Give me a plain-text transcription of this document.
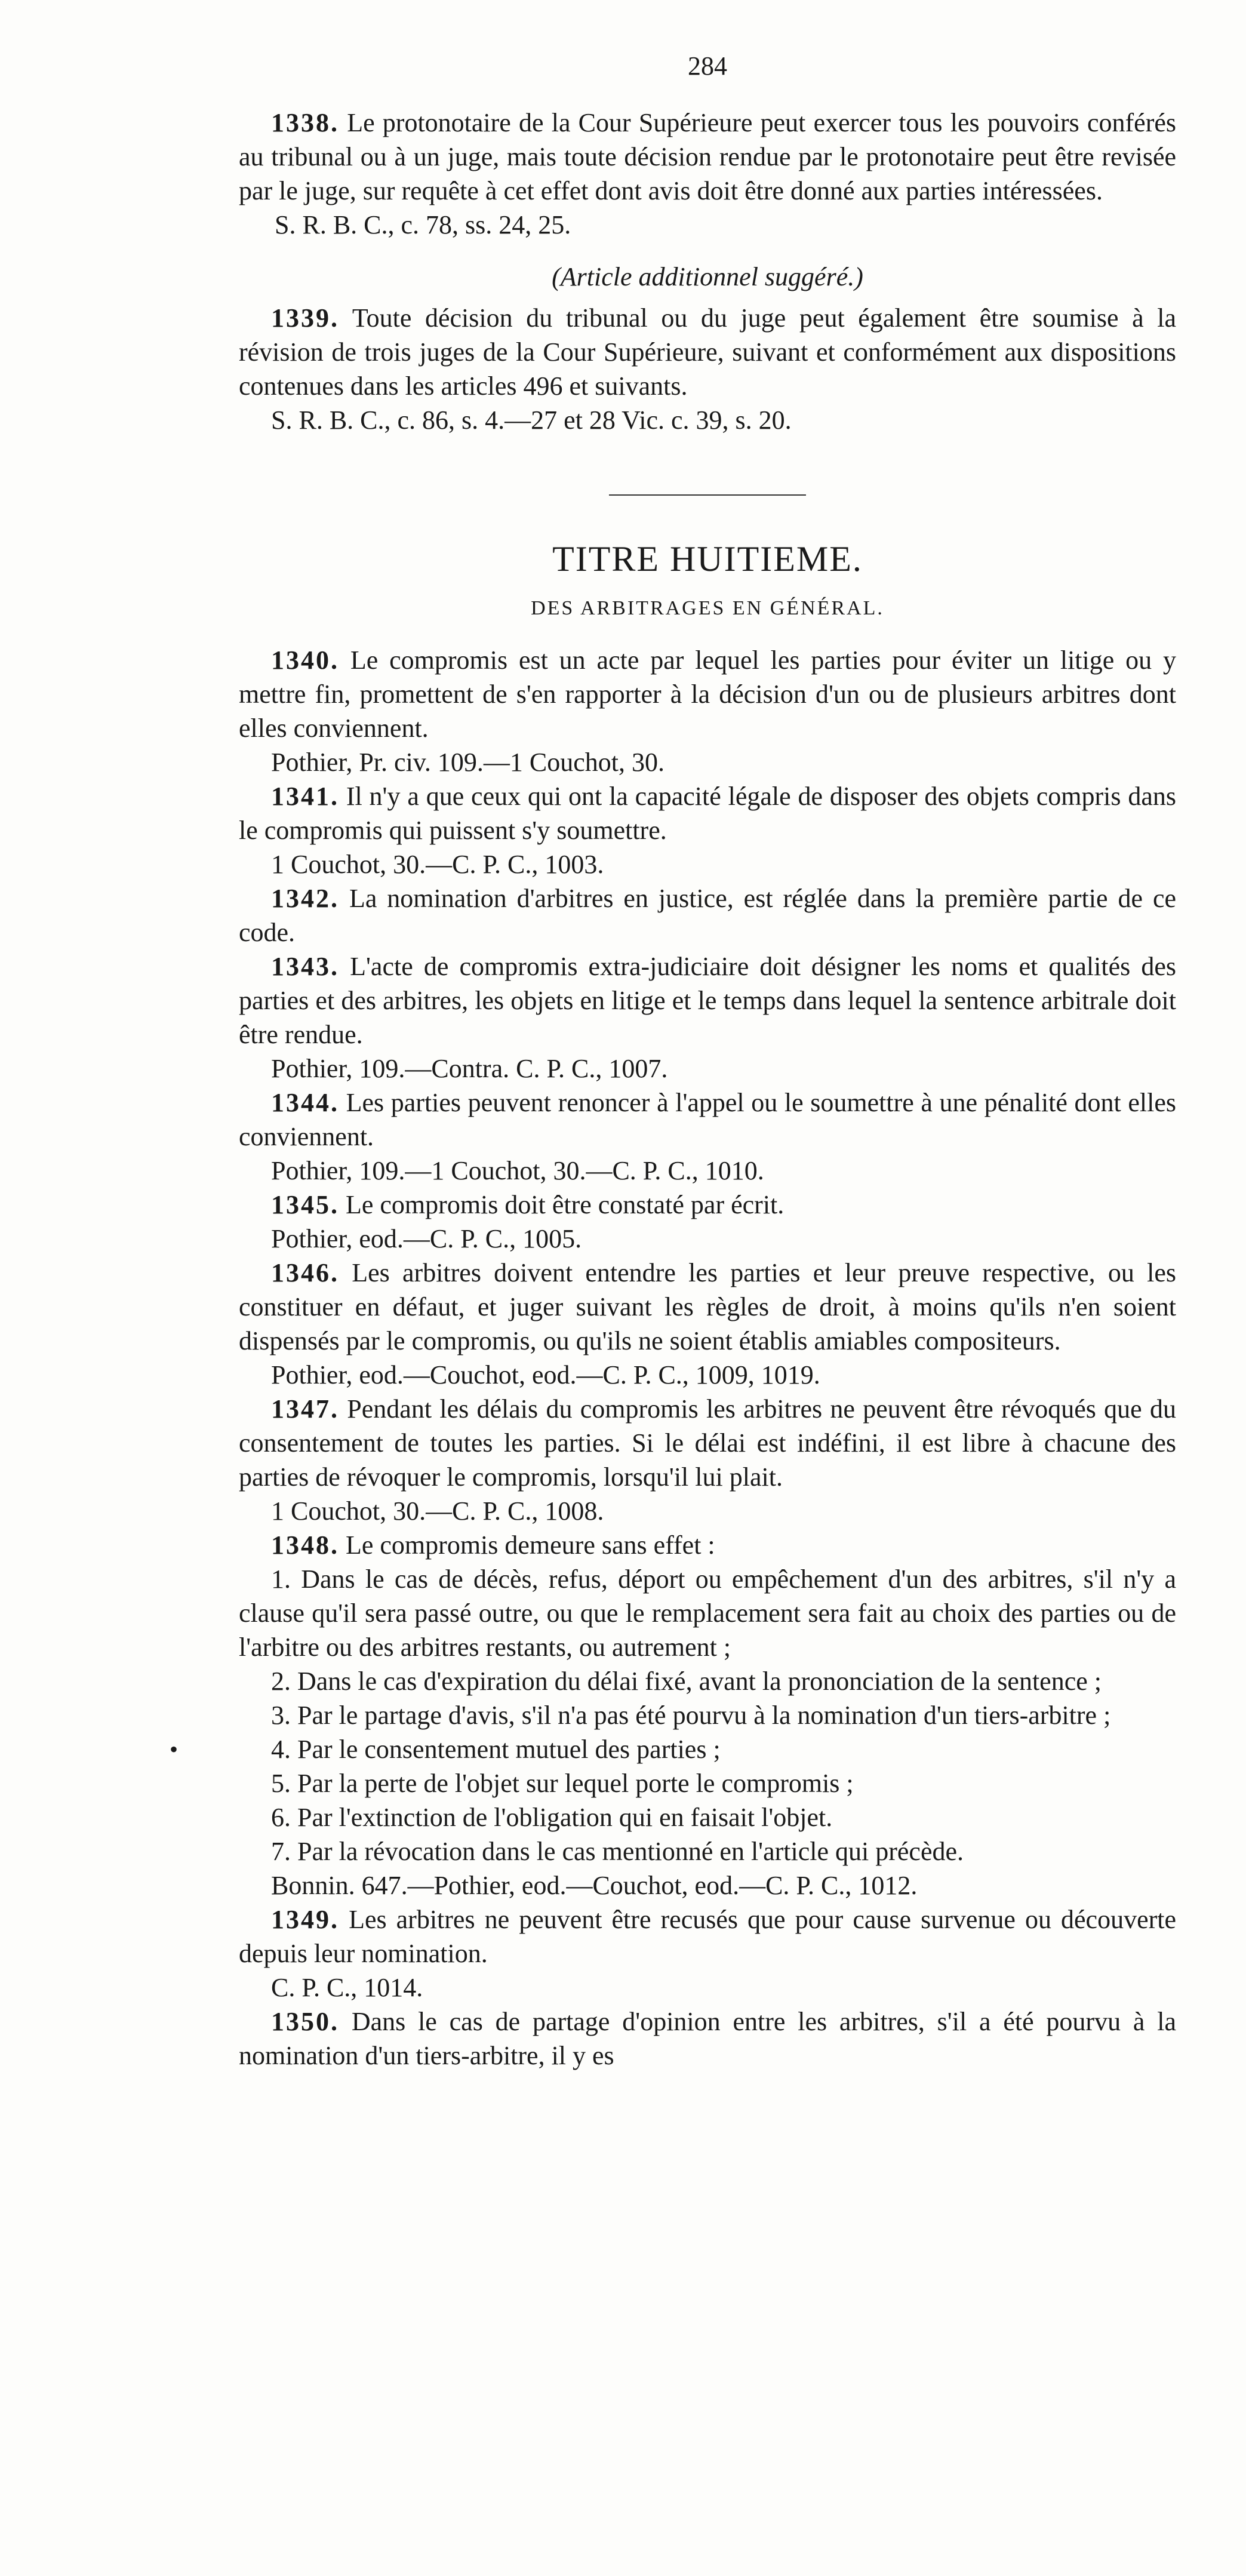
284

1338. Le protonotaire de la Cour Supérieure peut exercer tous les pouvoirs conférés au tribunal ou à un juge, mais toute décision rendue par le protonotaire peut être revisée par le juge, sur requête à cet effet dont avis doit être donné aux parties intéressées.

S. R. B. C., c. 78, ss. 24, 25.

(Article additionnel suggéré.)

1339. Toute décision du tribunal ou du juge peut également être soumise à la révision de trois juges de la Cour Supérieure, suivant et conformément aux dispositions contenues dans les articles 496 et suivants.

S. R. B. C., c. 86, s. 4.—27 et 28 Vic. c. 39, s. 20.

TITRE HUITIEME.
DES ARBITRAGES EN GÉNÉRAL.

1340. Le compromis est un acte par lequel les parties pour éviter un litige ou y mettre fin, promettent de s'en rapporter à la décision d'un ou de plusieurs arbitres dont elles conviennent.

Pothier, Pr. civ. 109.—1 Couchot, 30.

1341. Il n'y a que ceux qui ont la capacité légale de disposer des objets compris dans le compromis qui puissent s'y soumettre.

1 Couchot, 30.—C. P. C., 1003.

1342. La nomination d'arbitres en justice, est réglée dans la première partie de ce code.

1343. L'acte de compromis extra-judiciaire doit désigner les noms et qualités des parties et des arbitres, les objets en litige et le temps dans lequel la sentence arbitrale doit être rendue.

Pothier, 109.—Contra. C. P. C., 1007.

1344. Les parties peuvent renoncer à l'appel ou le soumettre à une pénalité dont elles conviennent.

Pothier, 109.—1 Couchot, 30.—C. P. C., 1010.

1345. Le compromis doit être constaté par écrit.

Pothier, eod.—C. P. C., 1005.

1346. Les arbitres doivent entendre les parties et leur preuve respective, ou les constituer en défaut, et juger suivant les règles de droit, à moins qu'ils n'en soient dispensés par le compromis, ou qu'ils ne soient établis amiables compositeurs.

Pothier, eod.—Couchot, eod.—C. P. C., 1009, 1019.

1347. Pendant les délais du compromis les arbitres ne peuvent être révoqués que du consentement de toutes les parties. Si le délai est indéfini, il est libre à chacune des parties de révoquer le compromis, lorsqu'il lui plait.

1 Couchot, 30.—C. P. C., 1008.

1348. Le compromis demeure sans effet :

1. Dans le cas de décès, refus, déport ou empêchement d'un des arbitres, s'il n'y a clause qu'il sera passé outre, ou que le remplacement sera fait au choix des parties ou de l'arbitre ou des arbitres restants, ou autrement ;

2. Dans le cas d'expiration du délai fixé, avant la prononciation de la sentence ;

3. Par le partage d'avis, s'il n'a pas été pourvu à la nomination d'un tiers-arbitre ;

•	4. Par le consentement mutuel des parties ;

5. Par la perte de l'objet sur lequel porte le compromis ;

6. Par l'extinction de l'obligation qui en faisait l'objet.

7. Par la révocation dans le cas mentionné en l'article qui précède.

Bonnin. 647.—Pothier, eod.—Couchot, eod.—C. P. C., 1012.

1349. Les arbitres ne peuvent être recusés que pour cause survenue ou découverte depuis leur nomination.

C. P. C., 1014.

1350. Dans le cas de partage d'opinion entre les arbitres, s'il a été pourvu à la nomination d'un tiers-arbitre, il y es
